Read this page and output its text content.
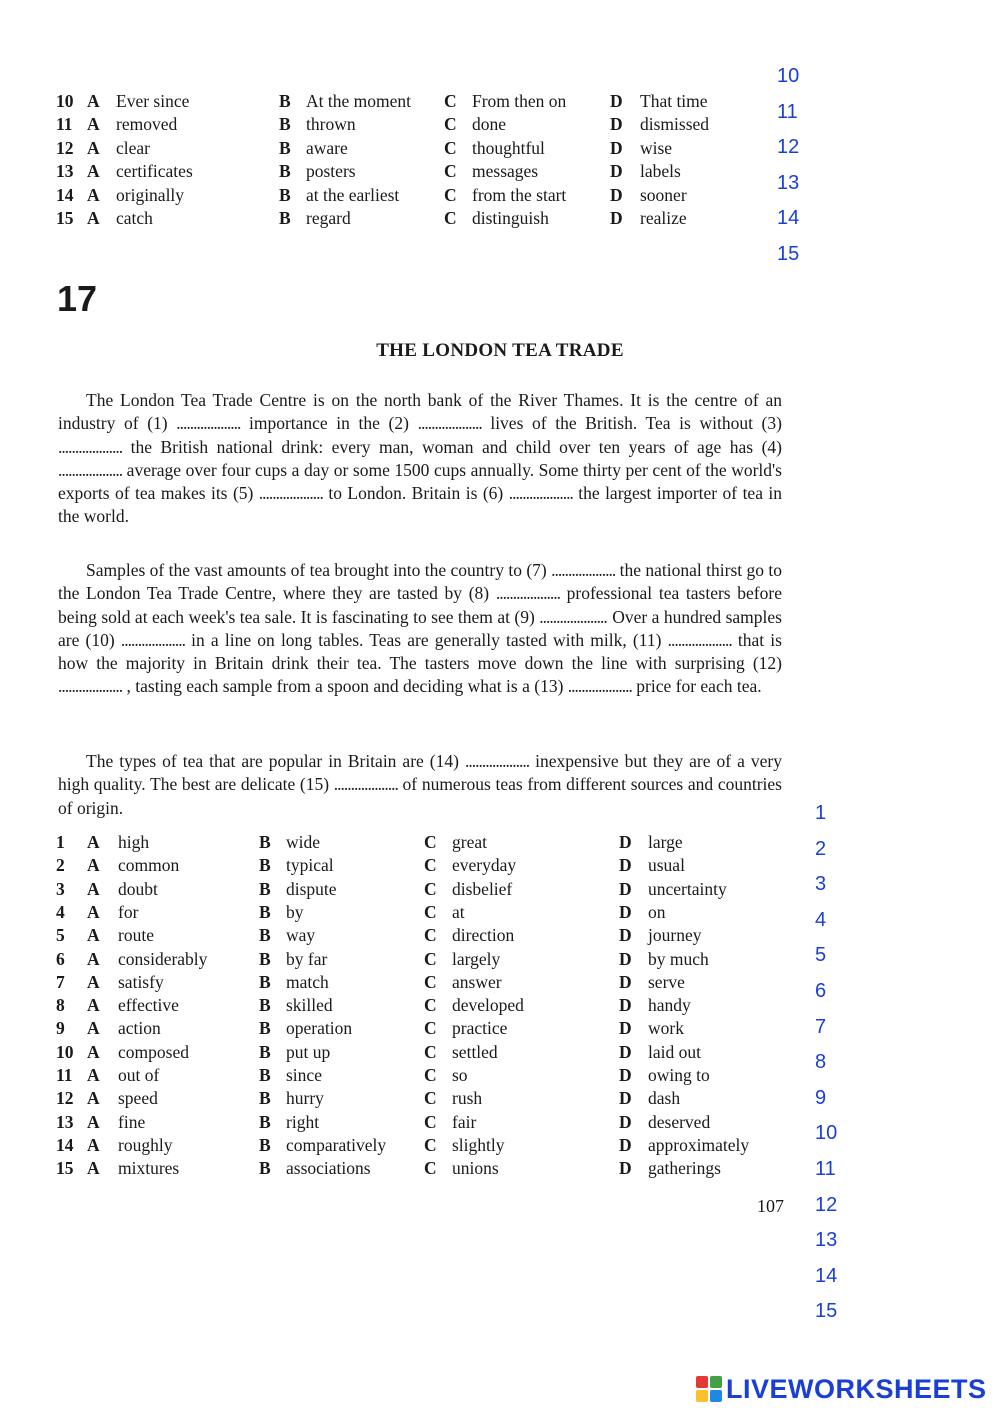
10 A Ever since	B At the moment C From then on D That time
11 A removed	B thrown	C done	D dismissed
12 A clear	B aware	C thoughtful	D wise
13 A certificates	B posters	C messages	D labels
14 A originally	B at the earliest	C from the start D sooner
15 A catch	B regard	C distinguish	D realize
10
11
12
13
14
15
17
THE LONDON TEA TRADE

The London Tea Trade Centre is on the north bank of the River Thames. It is the centre of an industry of (1) ................... importance in the (2) ................... lives of the British. Tea is without (3) ................... the British national drink: every man, woman and child over ten years of age has (4) ................... average over four cups a day or some 1500 cups annually. Some thirty per cent of the world's exports of tea makes its (5) ................... to London. Britain is (6) ................... the largest importer of tea in the world.

Samples of the vast amounts of tea brought into the country to (7) ................... the national thirst go to the London Tea Trade Centre, where they are tasted by (8) ................... professional tea tasters before being sold at each week's tea sale. It is fascinating to see them at (9) .................... Over a hundred samples are (10) ................... in a line on long tables. Teas are generally tasted with milk, (11) ................... that is how the majority in Britain drink their tea. The tasters move down the line with surprising (12) ................... , tasting each sample from a spoon and deciding what is a (13) ................... price for each tea.

The types of tea that are popular in Britain are (14) ................... inexpensive but they are of a very high quality. The best are delicate (15) ................... of numerous teas from different sources and countries of origin.

1 A high	B wide	C great	D large
2 A common	B typical	C everyday	D usual
3 A doubt	B dispute	C disbelief	D uncertainty
4 A for	B by	C at	D on
5 A route	B way	C direction	D journey
6 A considerably	B by far	C largely	D by much
7 A satisfy	B match	C answer	D serve
8 A effective	B skilled	C developed	D handy
9 A action	B operation	C practice	D work
10 A composed	B put up	C settled	D laid out
11 A out of	B since	C so	D owing to
12 A speed	B hurry	C rush	D dash
13 A fine	B right	C fair	D deserved
14 A roughly	B comparatively C slightly	D approximately
15 A mixtures	B associations	C unions	D gatherings
1
2
3
4
5
6
7
8
9
10
11
12
13
14
15
107
LIVEWORKSHEETS
